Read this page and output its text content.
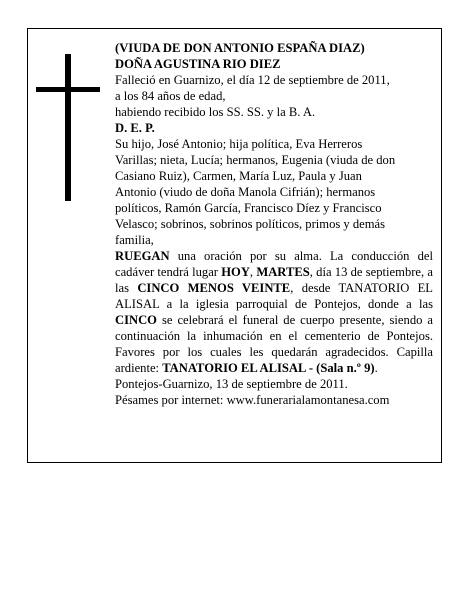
(VIUDA DE DON ANTONIO ESPAÑA DIAZ)
DOÑA AGUSTINA RIO DIEZ
Falleció en Guarnizo, el día 12 de septiembre de 2011,
a los 84 años de edad,
habiendo recibido los SS. SS. y la B. A.
D. E. P.
Su hijo, José Antonio; hija política, Eva Herreros
Varillas; nieta, Lucía; hermanos, Eugenia (viuda de don
Casiano Ruiz), Carmen, María Luz, Paula y Juan
Antonio (viudo de doña Manola Cifrián); hermanos
políticos, Ramón García, Francisco Díez y Francisco
Velasco; sobrinos, sobrinos políticos, primos y demás
familia,
RUEGAN una oración por su alma. La conducción del cadáver tendrá lugar HOY, MARTES, día 13 de septiembre, a las CINCO MENOS VEINTE, desde TANATORIO EL ALISAL a la iglesia parroquial de Pontejos, donde a las CINCO se celebrará el funeral de cuerpo presente, siendo a continuación la inhumación en el cementerio de Pontejos. Favores por los cuales les quedarán agradecidos. Capilla ardiente: TANATORIO EL ALISAL - (Sala n.º 9).
Pontejos-Guarnizo, 13 de septiembre de 2011.
Pésames por internet: www.funerarialamontanesa.com
